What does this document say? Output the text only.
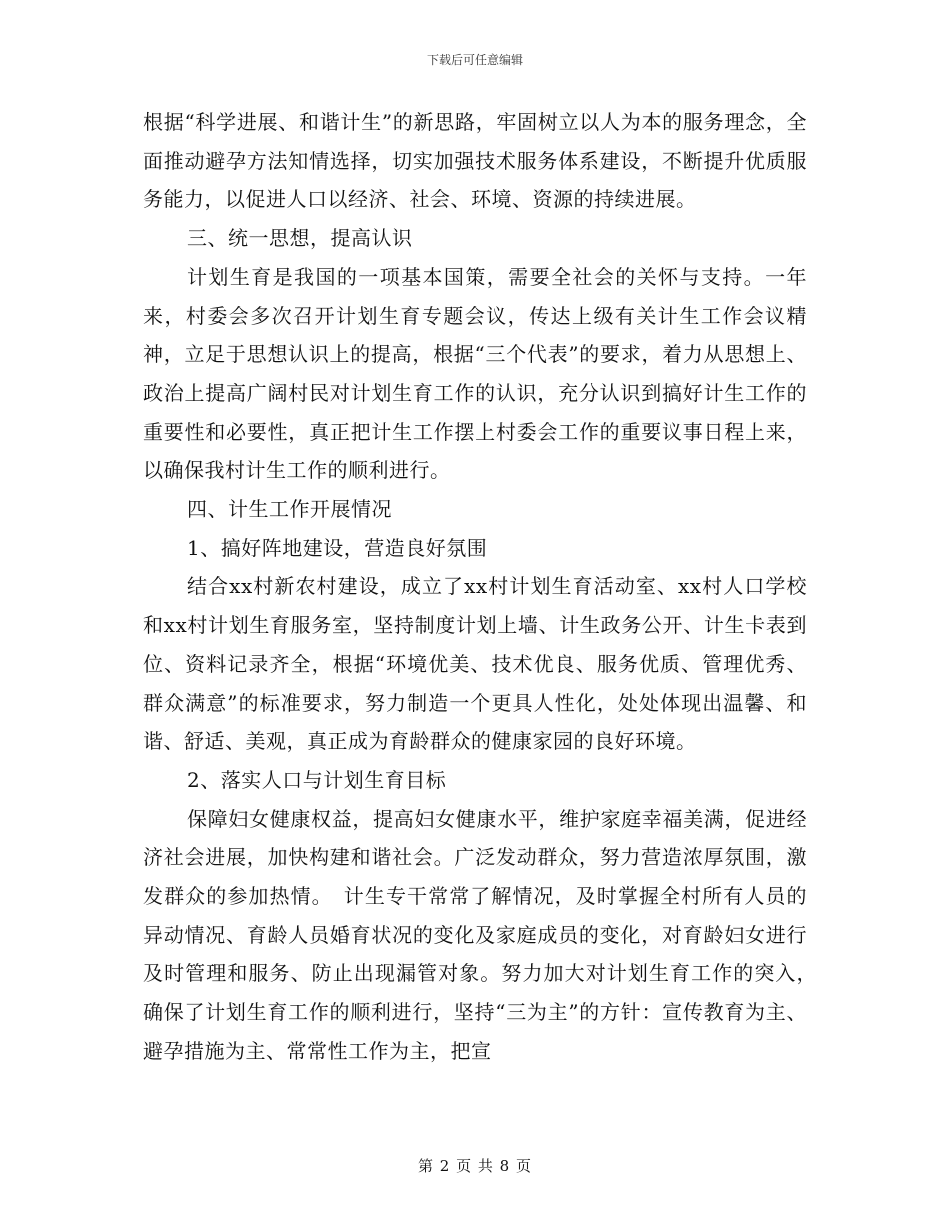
下载后可任意编辑

根据“科学进展、和谐计生”的新思路，牢固树立以人为本的服务理念，全面推动避孕方法知情选择，切实加强技术服务体系建设，不断提升优质服务能力，以促进人口以经济、社会、环境、资源的持续进展。

三、统一思想，提高认识

计划生育是我国的一项基本国策，需要全社会的关怀与支持。一年来，村委会多次召开计划生育专题会议，传达上级有关计生工作会议精神，立足于思想认识上的提高，根据“三个代表”的要求，着力从思想上、政治上提高广阔村民对计划生育工作的认识，充分认识到搞好计生工作的重要性和必要性，真正把计生工作摆上村委会工作的重要议事日程上来，以确保我村计生工作的顺利进行。

四、计生工作开展情况

1、搞好阵地建设，营造良好氛围

结合xx村新农村建设，成立了xx村计划生育活动室、xx村人口学校和xx村计划生育服务室，坚持制度计划上墙、计生政务公开、计生卡表到位、资料记录齐全，根据“环境优美、技术优良、服务优质、管理优秀、群众满意”的标准要求，努力制造一个更具人性化，处处体现出温馨、和谐、舒适、美观，真正成为育龄群众的健康家园的良好环境。

2、落实人口与计划生育目标

保障妇女健康权益，提高妇女健康水平，维护家庭幸福美满，促进经济社会进展，加快构建和谐社会。广泛发动群众，努力营造浓厚氛围，激发群众的参加热情。　计生专干常常了解情况，及时掌握全村所有人员的异动情况、育龄人员婚育状况的变化及家庭成员的变化，对育龄妇女进行及时管理和服务、防止出现漏管对象。努力加大对计划生育工作的突入，　确保了计划生育工作的顺利进行，坚持“三为主”的方针：宣传教育为主、避孕措施为主、常常性工作为主，把宣

第 2 页 共 8 页
